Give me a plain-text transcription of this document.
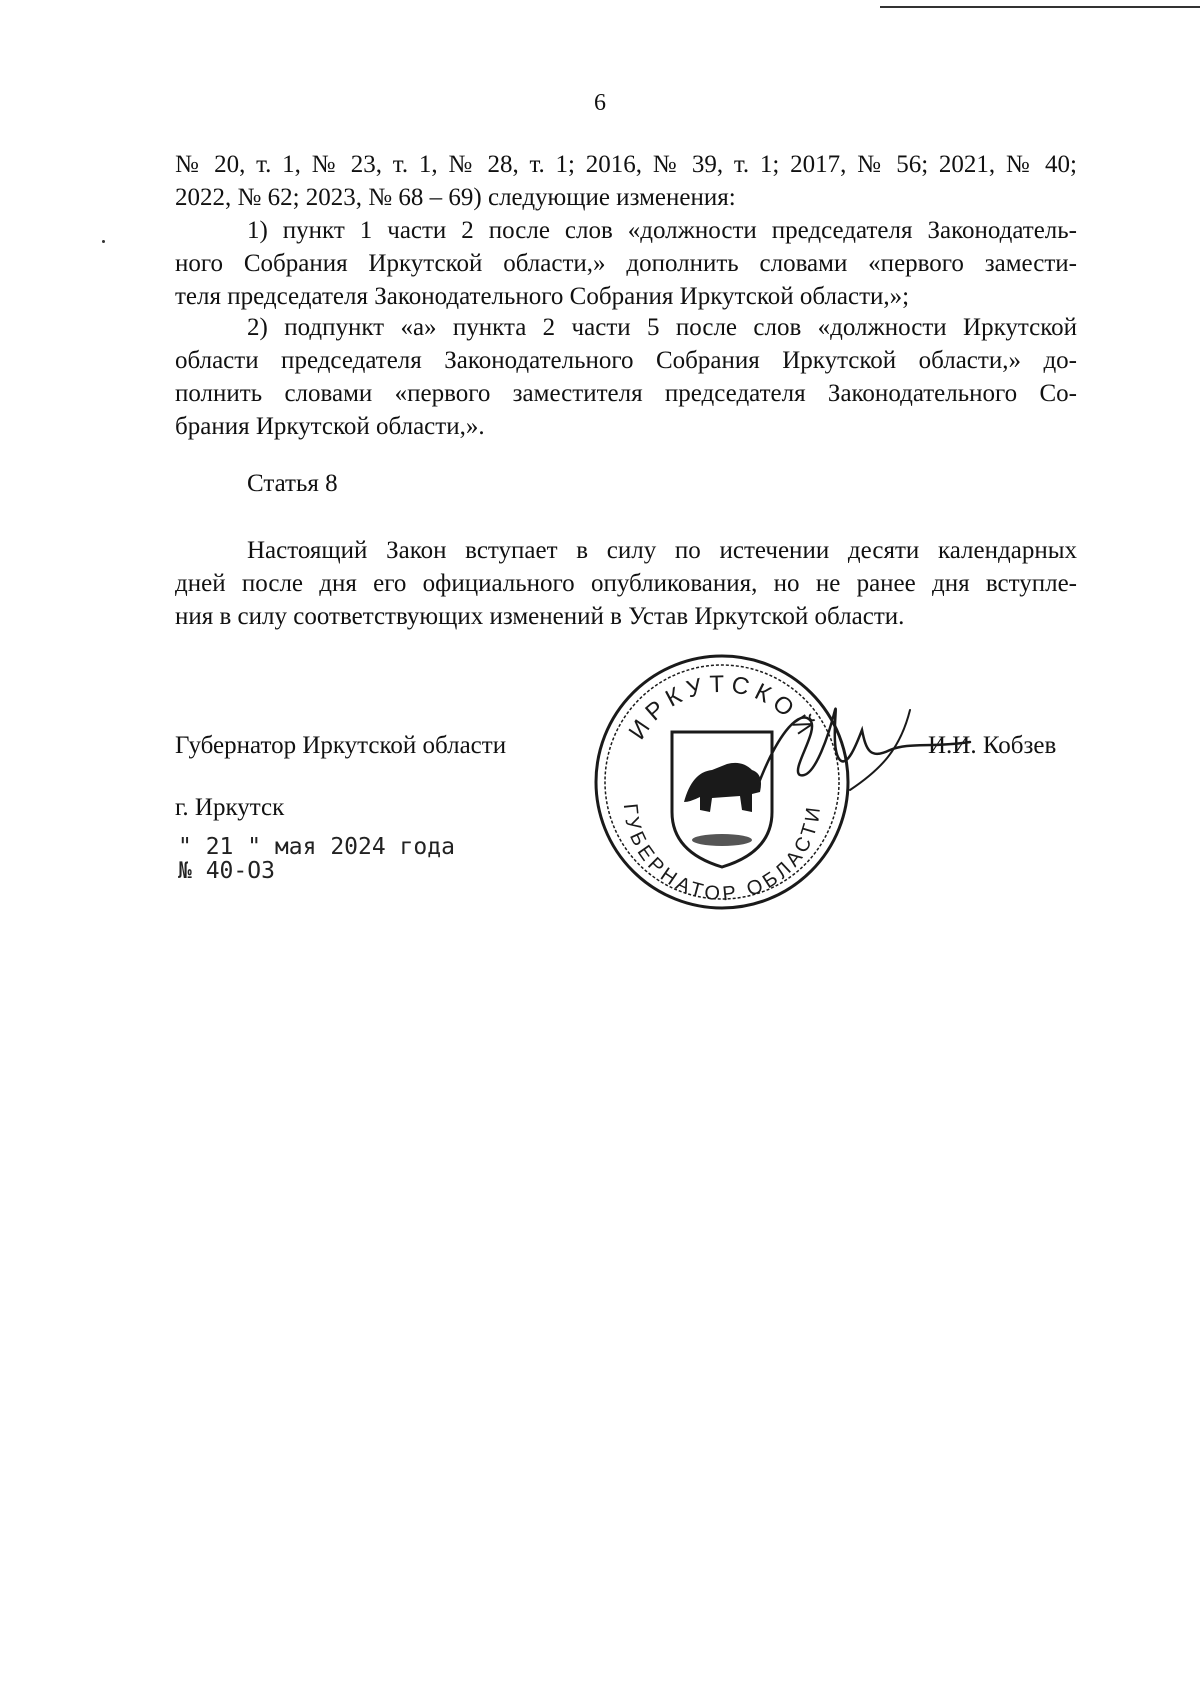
6
№ 20, т. 1, № 23, т. 1, № 28, т. 1; 2016, № 39, т. 1; 2017, № 56; 2021, № 40;
2022, № 62; 2023, № 68 – 69) следующие изменения:
1) пункт 1 части 2 после слов «должности председателя Законодатель-
ного Собрания Иркутской области,» дополнить словами «первого замести-
теля председателя Законодательного Собрания Иркутской области,»;
2) подпункт «а» пункта 2 части 5 после слов «должности Иркутской
области председателя Законодательного Собрания Иркутской области,» до-
полнить словами «первого заместителя председателя Законодательного Со-
брания Иркутской области,».
Статья 8
Настоящий Закон вступает в силу по истечении десяти календарных
дней после дня его официального опубликования, но не ранее дня вступле-
ния в силу соответствующих изменений в Устав Иркутской области.
Губернатор Иркутской области	И.И. Кобзев
г. Иркутск
" 21 " мая 2024 года
№ 40-ОЗ
ИРКУТСКОЙ
ГУБЕРНАТОР ОБЛАСТИ
